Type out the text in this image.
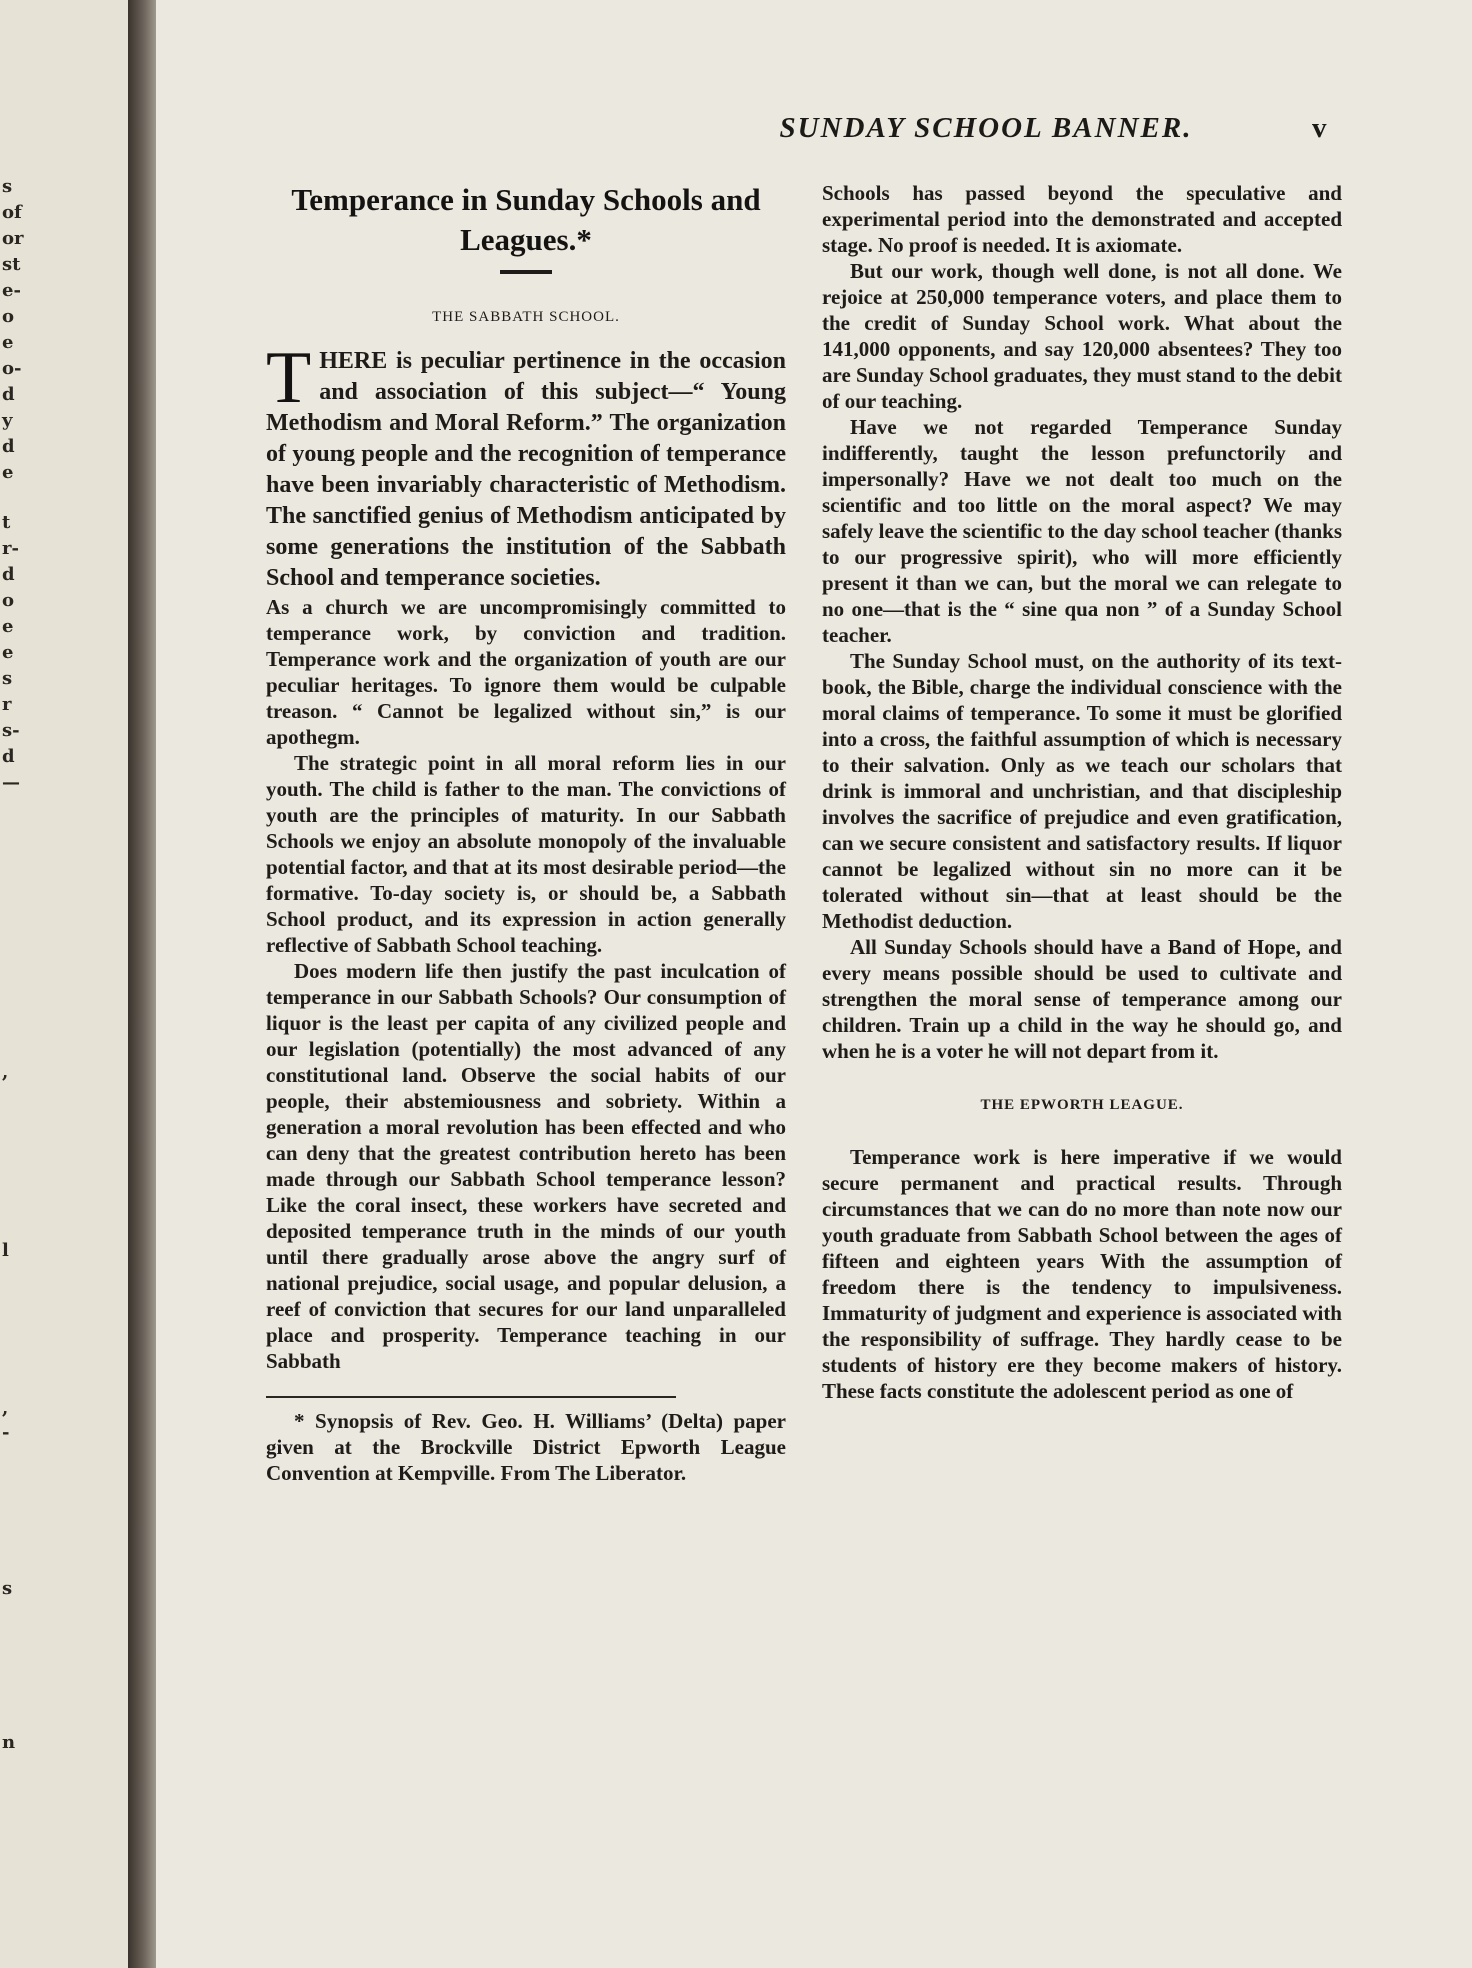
s
of
or
st
e-
o
e
o-
d
y
d
e
t
r-
d
o
e
e
s
r
s-
d
—
,
l
,
-
s
n
SUNDAY SCHOOL BANNER.	v
Temperance in Sunday Schools and Leagues.*
THE SABBATH SCHOOL.
T HERE is peculiar pertinence in the occasion and association of this subject—“ Young Methodism and Moral Reform.” The organization of young people and the recognition of temperance have been invariably characteristic of Methodism. The sanctified genius of Methodism anticipated by some generations the institution of the Sabbath School and temperance societies.

As a church we are uncompromisingly committed to temperance work, by conviction and tradition. Temperance work and the organization of youth are our peculiar heritages. To ignore them would be culpable treason. “ Cannot be legalized without sin,” is our apothegm.

The strategic point in all moral reform lies in our youth. The child is father to the man. The convictions of youth are the principles of maturity. In our Sabbath Schools we enjoy an absolute monopoly of the invaluable potential factor, and that at its most desirable period—the formative. To-day society is, or should be, a Sabbath School product, and its expression in action generally reflective of Sabbath School teaching.

Does modern life then justify the past inculcation of temperance in our Sabbath Schools? Our consumption of liquor is the least per capita of any civilized people and our legislation (potentially) the most advanced of any constitutional land. Observe the social habits of our people, their abstemiousness and sobriety. Within a generation a moral revolution has been effected and who can deny that the greatest contribution hereto has been made through our Sabbath School temperance lesson? Like the coral insect, these workers have secreted and deposited temperance truth in the minds of our youth until there gradually arose above the angry surf of national prejudice, social usage, and popular delusion, a reef of conviction that secures for our land unparalleled place and prosperity. Temperance teaching in our Sabbath

* Synopsis of Rev. Geo. H. Williams’ (Delta) paper given at the Brockville District Epworth League Convention at Kempville. From The Liberator.

Schools has passed beyond the speculative and experimental period into the demonstrated and accepted stage. No proof is needed. It is axiomate.

But our work, though well done, is not all done. We rejoice at 250,000 temperance voters, and place them to the credit of Sunday School work. What about the 141,000 opponents, and say 120,000 absentees? They too are Sunday School graduates, they must stand to the debit of our teaching.

Have we not regarded Temperance Sunday indifferently, taught the lesson prefunctorily and impersonally? Have we not dealt too much on the scientific and too little on the moral aspect? We may safely leave the scientific to the day school teacher (thanks to our progressive spirit), who will more efficiently present it than we can, but the moral we can relegate to no one—that is the “ sine qua non ” of a Sunday School teacher.

The Sunday School must, on the authority of its text-book, the Bible, charge the individual conscience with the moral claims of temperance. To some it must be glorified into a cross, the faithful assumption of which is necessary to their salvation. Only as we teach our scholars that drink is immoral and unchristian, and that discipleship involves the sacrifice of prejudice and even gratification, can we secure consistent and satisfactory results. If liquor cannot be legalized without sin no more can it be tolerated without sin—that at least should be the Methodist deduction.

All Sunday Schools should have a Band of Hope, and every means possible should be used to cultivate and strengthen the moral sense of temperance among our children. Train up a child in the way he should go, and when he is a voter he will not depart from it.

THE EPWORTH LEAGUE.

Temperance work is here imperative if we would secure permanent and practical results. Through circumstances that we can do no more than note now our youth graduate from Sabbath School between the ages of fifteen and eighteen years With the assumption of freedom there is the tendency to impulsiveness. Immaturity of judgment and experience is associated with the responsibility of suffrage. They hardly cease to be students of history ere they become makers of history. These facts constitute the adolescent period as one of
